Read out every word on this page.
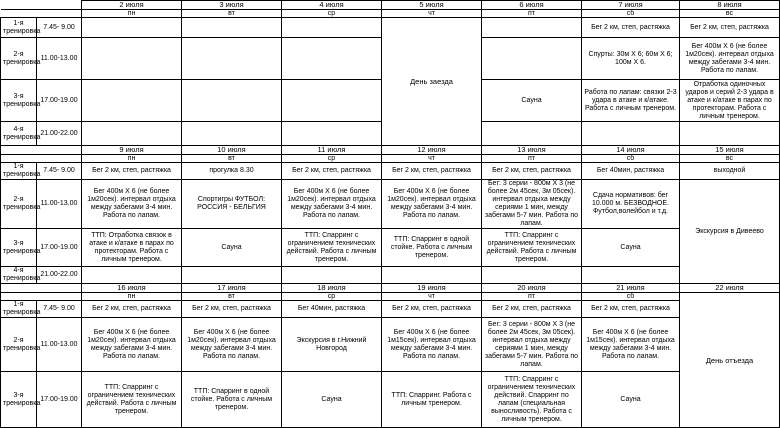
		2 июля	3 июля	4 июля	5 июля	6 июля	7 июля	8 июля
		пн	вт	ср	чт	пт	сб	вс
1-я тренировка	7.45- 9.00				День заезда		Бег 2 км, степ, растяжка	Бег 2 км, степ, растяжка
2-я тренировка	11.00-13.00						Спурты: 30м Х 6; 60м Х 6; 100м Х 6.	Бег 400м Х 6 (не более 1м20сек). интервал отдыха между забегами 3-4 мин. Работа по лапам.
3-я тренировка	17.00-19.00					Сауна	Работа по лапам: связки 2-3 удара в атаке и к/атаке. Работа с личным тренером.	Отработка одиночных ударов и серий 2-3 удара в атаке и к/атаке в парах по протекторам. Работа с личным тренером.
4-я тренировка	21.00-22.00							
		9 июля	10 июля	11 июля	12 июля	13 июля	14 июля	15 июля
		пн	вт	ср	чт	пт	сб	вс
1-я тренировка	7.45- 9.00	Бег 2 км, степ, растяжка	прогулка 8.30	Бег 2 км, степ, растяжка	Бег 2 км, степ, растяжка	Бег 2 км, степ, растяжка	Бег 40мин, растяжка	выходной
2-я тренировка	11.00-13.00	Бег 400м Х 6 (не более 1м20сек). интервал отдыха между забегами 3-4 мин. Работа по лапам.	Спортигры ФУТБОЛ: РОССИЯ - БЕЛЬГИЯ	Бег 400м Х 6 (не более 1м20сек). интервал отдыха между забегами 3-4 мин. Работа по лапам.	Бег 400м Х 6 (не более 1м20сек). интервал отдыха между забегами 3-4 мин. Работа по лапам.	Бег: 3 серии - 800м Х 3 (не более 2м 45сек, 3м 05сек). интервал отдыха между сериями 1 мин, между забегами 5-7 мин. Работа по лапам.	Сдача нормативов: бег 10.000 м. БЕЗВОДНОЕ. Футбол,волейбол и т.д.	Экскурсия в Дивеево
3-я тренировка	17.00-19.00	ТТП: Отработка связок в атаке и к/атаке в парах по протекторам. Работа с личным тренером.	Сауна	ТТП: Спарринг с ограничением технических действий. Работа с личным тренером.	ТТП: Спарринг в одной стойке. Работа с личным тренером.	ТТП: Спарринг с ограничением технических действий. Работа с личным тренером.	Сауна	
4-я тренировка	21.00-22.00							
		16 июля	17 июля	18 июля	19 июля	20 июля	21 июля	22 июля
		пн	вт	ср	чт	пт	сб	День отъезда
1-я тренировка	7.45- 9.00	Бег 2 км, степ, растяжка	Бег 2 км, степ, растяжка	Бег 40мин, растяжка	Бег 2 км, степ, растяжка	Бег 2 км, степ, растяжка	Бег 2 км, степ, растяжка	
2-я тренировка	11.00-13.00	Бег 400м Х 6 (не более 1м20сек). интервал отдыха между забегами 3-4 мин. Работа по лапам.	Бег 400м Х 6 (не более 1м20сек). интервал отдыха между забегами 3-4 мин. Работа по лапам.	Экскурсия в г.Нижний Новгород	Бег 400м Х 6 (не более 1м15сек). интервал отдыха между забегами 3-4 мин. Работа по лапам.	Бег: 3 серии - 800м Х 3 (не более 2м 45сек, 3м 05сек). интервал отдыха между сериями 1 мин, между забегами 5-7 мин. Работа по лапам.	Бег 400м Х 6 (не более 1м15сек). интервал отдыха между забегами 3-4 мин. Работа по лапам.	
3-я тренировка	17.00-19.00	ТТП: Спарринг с ограничением технических действий. Работа с личным тренером.	ТТП: Спарринг в одной стойке. Работа с личным тренером.	Сауна	ТТП: Спарринг. Работа с личным тренером.	ТТП: Спарринг с ограничением технических действий. Спарринг по лапам (специальная выносливость). Работа с личным тренером.	Сауна	
